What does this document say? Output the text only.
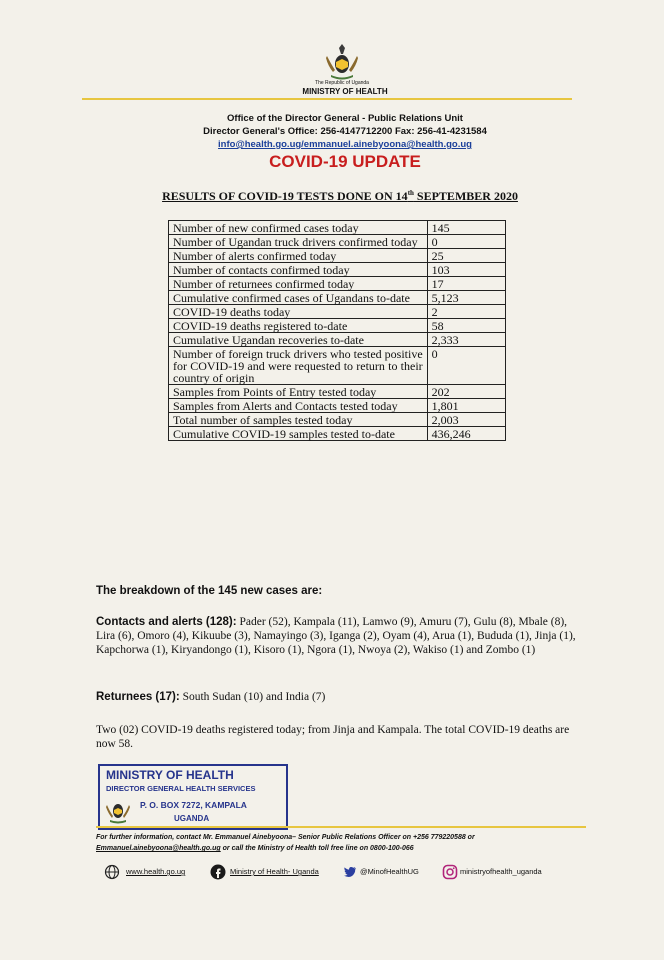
The Republic of Uganda
MINISTRY OF HEALTH
Office of the Director General - Public Relations Unit
Director General's Office: 256-4147712200 Fax: 256-41-4231584
info@health.go.ug/emmanuel.ainebyoona@health.go.ug
COVID-19 UPDATE
RESULTS OF COVID-19 TESTS DONE ON 14th SEPTEMBER 2020
Number of new confirmed cases today	145
Number of Ugandan truck drivers confirmed today	0
Number of alerts confirmed today	25
Number of contacts confirmed today	103
Number of returnees confirmed today	17
Cumulative confirmed cases of Ugandans to-date	5,123
COVID-19 deaths today	2
COVID-19 deaths registered to-date	58
Cumulative Ugandan recoveries to-date	2,333
Number of foreign truck drivers who tested positive for COVID-19 and were requested to return to their country of origin	0
Samples from Points of Entry tested today	202
Samples from Alerts and Contacts tested today	1,801
Total number of samples tested today	2,003
Cumulative COVID-19 samples tested to-date	436,246
The breakdown of the 145 new cases are:
Contacts and alerts (128): Pader (52), Kampala (11), Lamwo (9), Amuru (7), Gulu (8), Mbale (8), Lira (6), Omoro (4), Kikuube (3), Namayingo (3), Iganga (2), Oyam (4), Arua (1), Bududa (1), Jinja (1), Kapchorwa (1), Kiryandongo (1), Kisoro (1), Ngora (1), Nwoya (2), Wakiso (1) and Zombo (1)
Returnees (17): South Sudan (10) and India (7)
Two (02) COVID-19 deaths registered today; from Jinja and Kampala. The total COVID-19 deaths are now 58.
MINISTRY OF HEALTH
DIRECTOR GENERAL HEALTH SERVICES
P. O. BOX 7272, KAMPALA
UGANDA
For further information, contact Mr. Emmanuel Ainebyoona– Senior Public Relations Officer on +256 779220588 or Emmanuel.ainebyoona@health.go.ug or call the Ministry of Health toll free line on 0800-100-066
www.health.go.ug	Ministry of Health- Uganda	@MinofHealthUG	ministryofhealth_uganda
